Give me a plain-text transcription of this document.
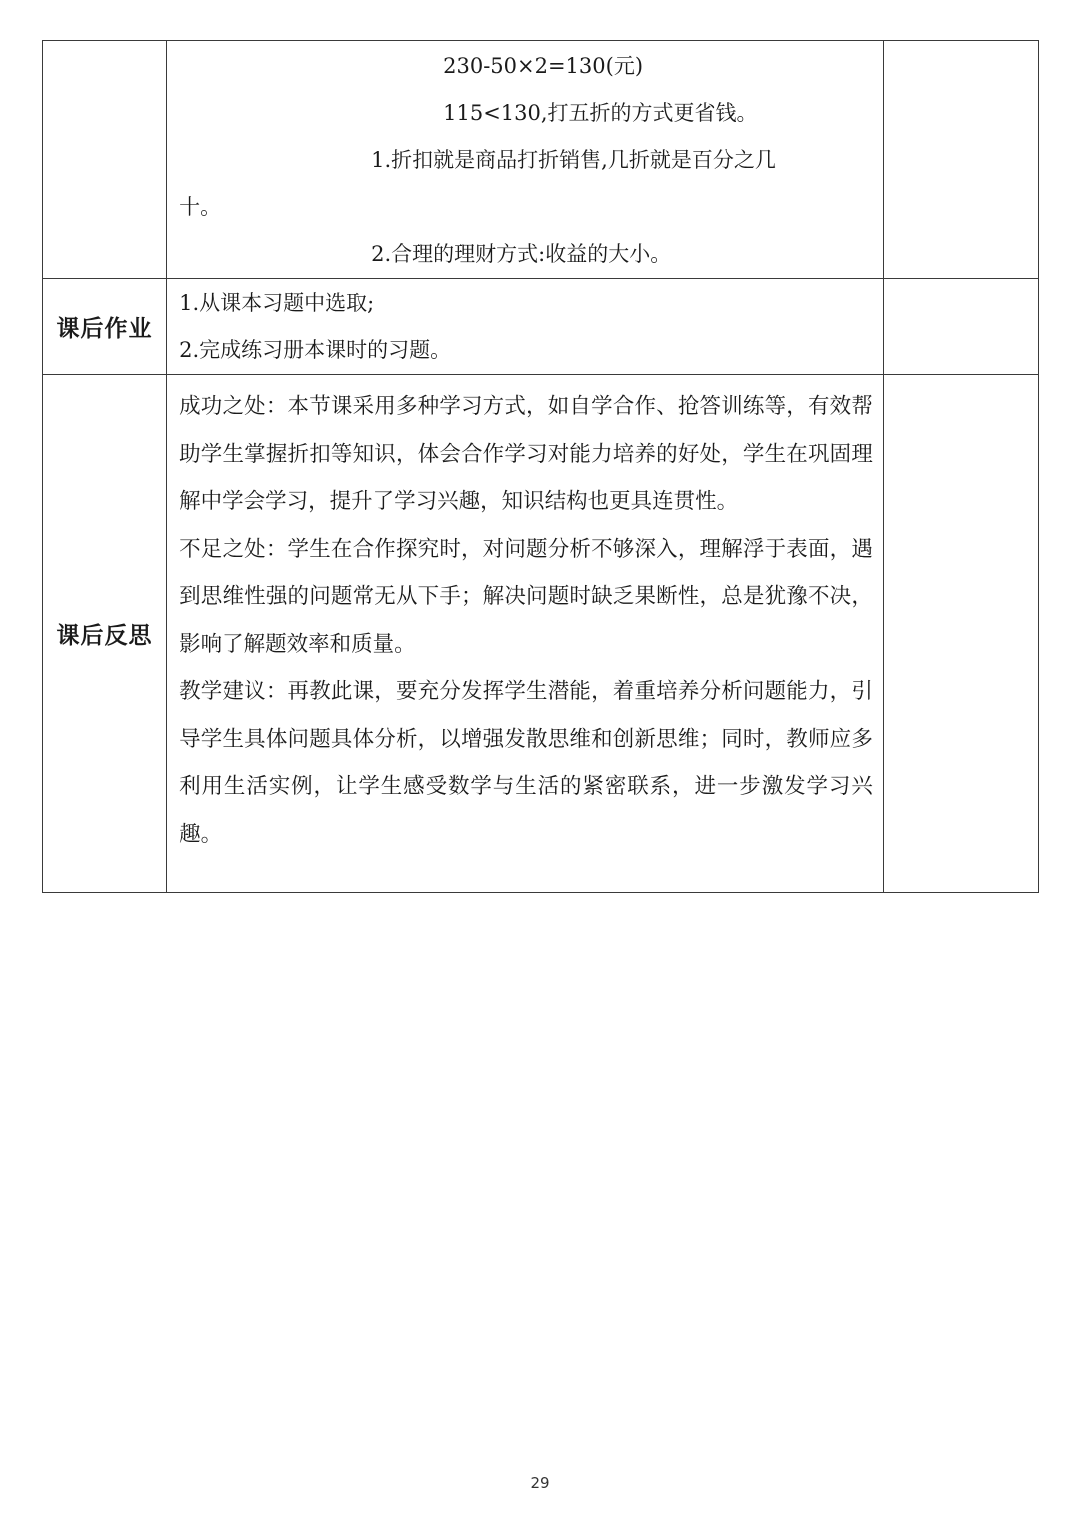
	230-50×2=130(元)
115<130,打五折的方式更省钱。
1.折扣就是商品打折销售,几折就是百分之几
十。
2.合理的理财方式:收益的大小。	

课后作业	1.从课本习题中选取;
2.完成练习册本课时的习题。	

课后反思	成功之处：本节课采用多种学习方式，如自学合作、抢答训练等，有效帮助学生掌握折扣等知识，体会合作学习对能力培养的好处，学生在巩固理解中学会学习，提升了学习兴趣，知识结构也更具连贯性。

不足之处：学生在合作探究时，对问题分析不够深入，理解浮于表面，遇到思维性强的问题常无从下手；解决问题时缺乏果断性，总是犹豫不决，影响了解题效率和质量。

教学建议：再教此课，要充分发挥学生潜能，着重培养分析问题能力，引导学生具体问题具体分析，以增强发散思维和创新思维；同时，教师应多利用生活实例，让学生感受数学与生活的紧密联系，进一步激发学习兴趣。	

29
